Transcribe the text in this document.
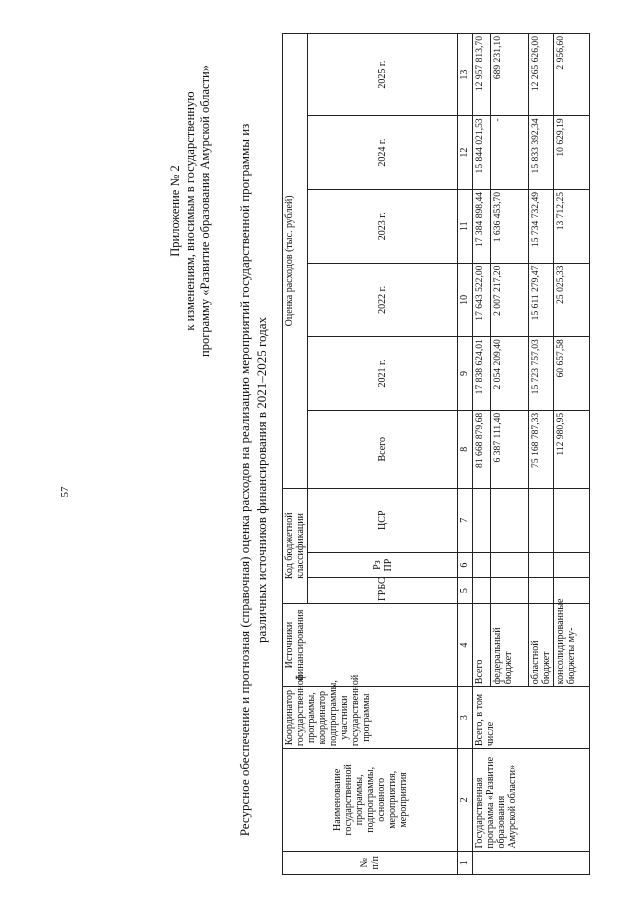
57
Приложение № 2 к изменениям, вносимым в государственную программу «Развитие образования Амурской области» Ресурсное обеспечение и прогнозная (справочная) оценка расходов на реализацию мероприятий государственной программы из различных источников финансирования в 2021–2025 годах
№ п/п	Наименование государственной программы, подпрограммы, основного мероприятия, мероприятия	Координатор государственной программы, координатор подпрограммы, участники государственной программы	Источники финансирования	Код бюджетной классификации			Оценка расходов (тыс. рублей)					
				ГРБС	Рз ПР	ЦСР	Всего	2021 г.	2022 г.	2023 г.	2024 г.	2025 г.
1	2	3	4	5	6	7	8	9	10	11	12	13
	Государственная программа «Развитие образования Амурской области»	Всего, в том числе	Всего				81 668 879,68	17 838 624,01	17 643 522,00	17 384 898,44	15 844 021,53	12 957 813,70
			федеральный бюджет				6 387 111,40	2 054 209,40	2 007 217,20	1 636 453,70	-	689 231,10
			областной бюджет				75 168 787,33	15 723 757,03	15 611 279,47	15 734 732,49	15 833 392,34	12 265 626,00
			консолидированные бюджеты му-				112 980,95	60 657,58	25 025,33	13 712,25	10 629,19	2 956,60
